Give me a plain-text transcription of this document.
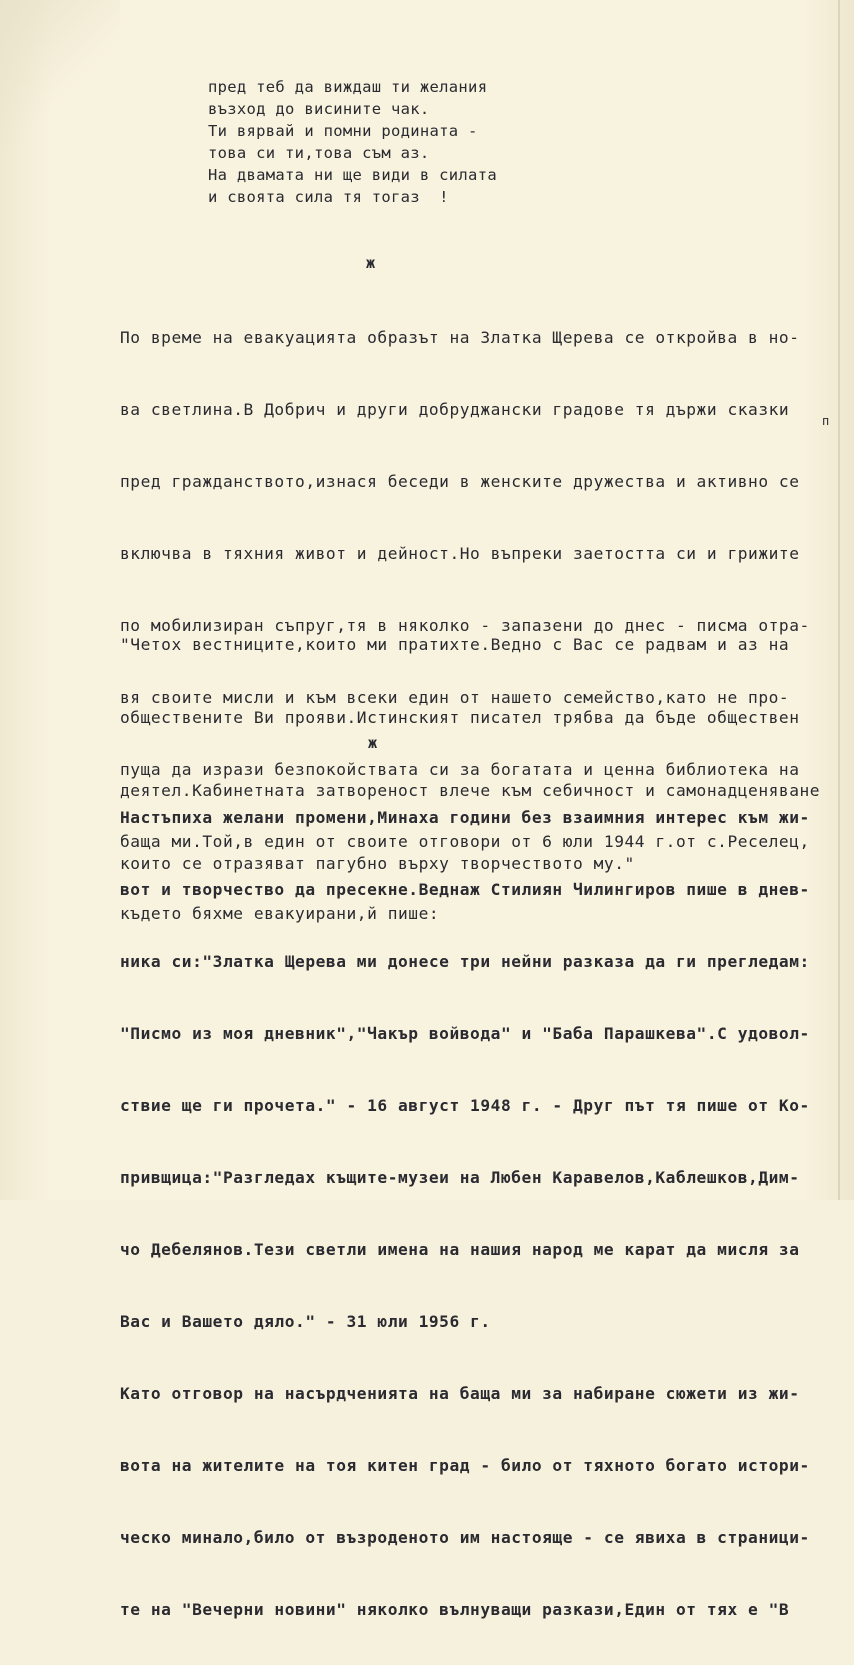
пред теб да виждаш ти желания
възход до висините чак.
Ти вярвай и помни родината -
това си ти,това съм аз.
На двамата ни ще види в силата
и своята сила тя тогаз  !
ж

По време на евакуацията образът на Златка Щерева се откройва в но-

ва светлина.В Добрич и други добруджански градове тя държи сказки

пред гражданството,изнася беседи в женските дружества и активно се

включва в тяхния живот и дейност.Но въпреки заетостта си и грижите

по мобилизиран съпруг,тя в няколко - запазени до днес - писма отра-

вя своите мисли и към всеки един от нашето семейство,като не про-

пуща да изрази безпокойствата си за богатата и ценна библиотека на

баща ми.Той,в един от своите отговори от 6 юли 1944 г.от с.Реселец,

където бяхме евакуирани,й пише:

п

"Четох вестниците,които ми пратихте.Ведно с Вас се радвам и аз на

обществените Ви прояви.Истинският писател трябва да бъде обществен

деятел.Кабинетната затвореност влече към себичност и самонадценяване

които се отразяват пагубно върху творчеството му."

ж

Настъпиха желани промени,Минаха години без взаимния интерес към жи-

вот и творчество да пресекне.Веднаж Стилиян Чилингиров пише в днев-

ника си:"Златка Щерева ми донесе три нейни разказа да ги прегледам:

"Писмо из моя дневник","Чакър войвода" и "Баба Парашкева".С удовол-

ствие ще ги прочета." - 16 август 1948 г. - Друг път тя пише от Ко-

привщица:"Разгледах къщите-музеи на Любен Каравелов,Каблешков,Дим-

чо Дебелянов.Тези светли имена на нашия народ ме карат да мисля за

Вас и Вашето дяло." - 31 юли 1956 г.

Като отговор на насърдченията на баща ми за набиране сюжети из жи-

вота на жителите на тоя китен град - било от тяхното богато истори-

ческо минало,било от възроденото им настояще - се явиха в страници-

те на "Вечерни новини" няколко вълнуващи разкази,Един от тях е "В
